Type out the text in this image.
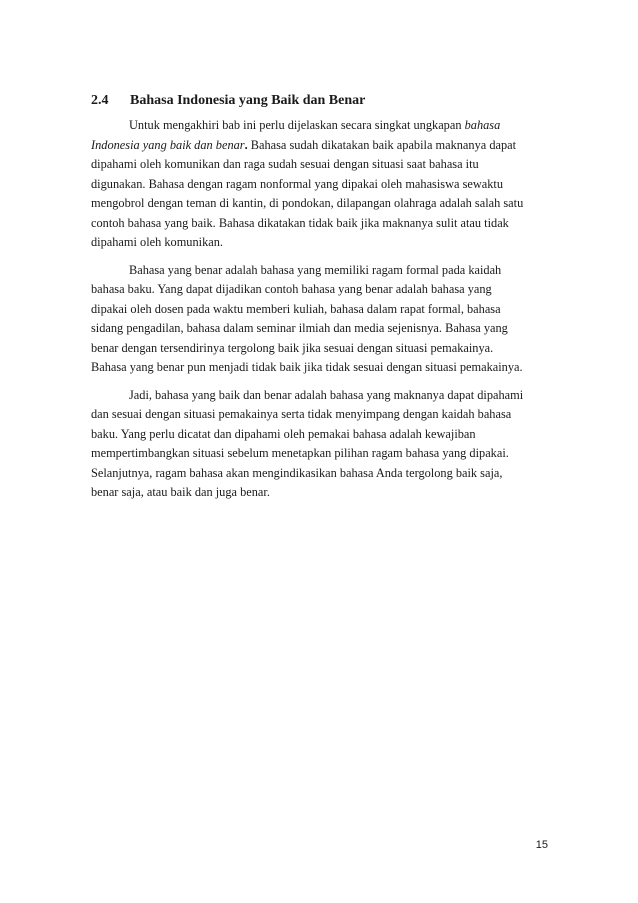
2.4 Bahasa Indonesia yang Baik dan Benar

Untuk mengakhiri bab ini perlu dijelaskan secara singkat ungkapan bahasa
Indonesia yang baik dan benar. Bahasa sudah dikatakan baik apabila maknanya dapat
dipahami oleh komunikan dan raga sudah sesuai dengan situasi saat bahasa itu
digunakan. Bahasa dengan ragam nonformal yang dipakai oleh mahasiswa sewaktu
mengobrol dengan teman di kantin, di pondokan, dilapangan olahraga adalah salah satu
contoh bahasa yang baik. Bahasa dikatakan tidak baik jika maknanya sulit atau tidak
dipahami oleh komunikan.

Bahasa yang benar adalah bahasa yang memiliki ragam formal pada kaidah
bahasa baku. Yang dapat dijadikan contoh bahasa yang benar adalah bahasa yang
dipakai oleh dosen pada waktu memberi kuliah, bahasa dalam rapat formal, bahasa
sidang pengadilan, bahasa dalam seminar ilmiah dan media sejenisnya. Bahasa yang
benar dengan tersendirinya tergolong baik jika sesuai dengan situasi pemakainya.
Bahasa yang benar pun menjadi tidak baik jika tidak sesuai dengan situasi pemakainya.

Jadi, bahasa yang baik dan benar adalah bahasa yang maknanya dapat dipahami
dan sesuai dengan situasi pemakainya serta tidak menyimpang dengan kaidah bahasa
baku. Yang perlu dicatat dan dipahami oleh pemakai bahasa adalah kewajiban
mempertimbangkan situasi sebelum menetapkan pilihan ragam bahasa yang dipakai.
Selanjutnya, ragam bahasa akan mengindikasikan bahasa Anda tergolong baik saja,
benar saja, atau baik dan juga benar.

15
